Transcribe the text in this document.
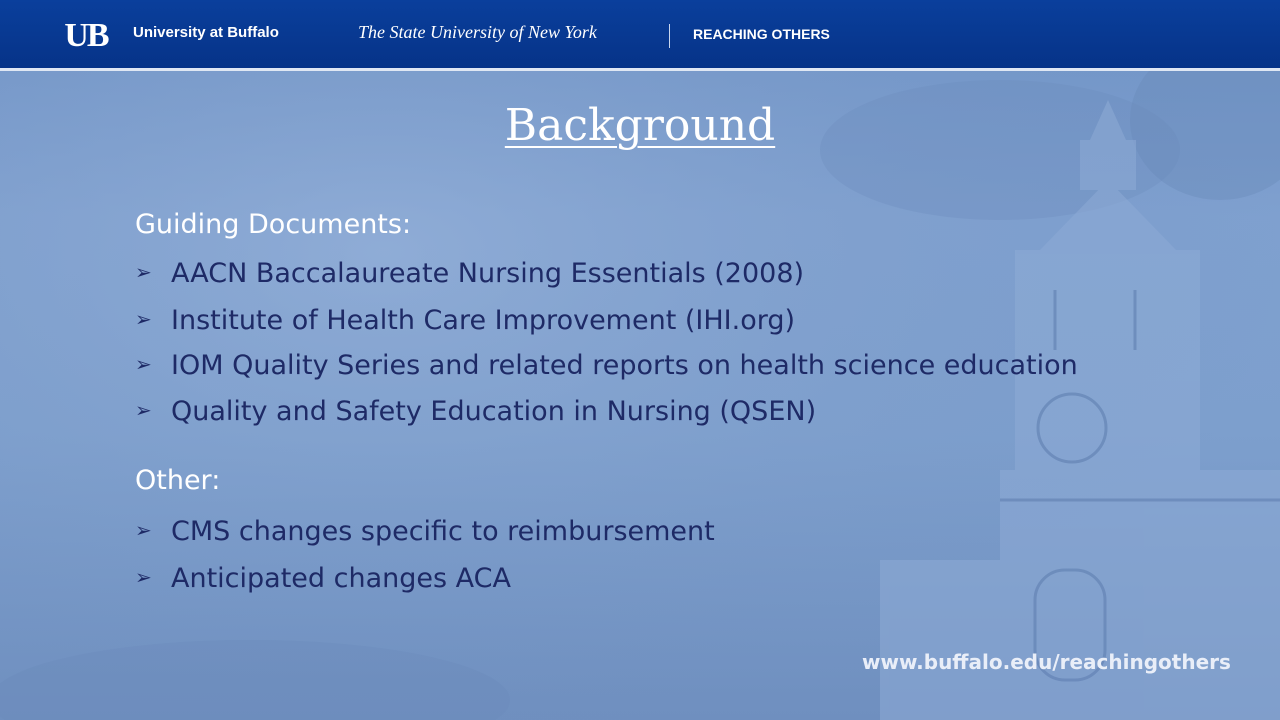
UB University at Buffalo	The State University of New York	REACHING OTHERS
Background
Guiding Documents:
➢ AACN Baccalaureate Nursing Essentials (2008)
➢ Institute of Health Care Improvement (IHI.org)
➢ IOM Quality Series and related reports on health science education
➢ Quality and Safety Education in Nursing (QSEN)
Other:
➢ CMS changes specific to reimbursement
➢ Anticipated changes ACA
www.buffalo.edu/reachingothers
